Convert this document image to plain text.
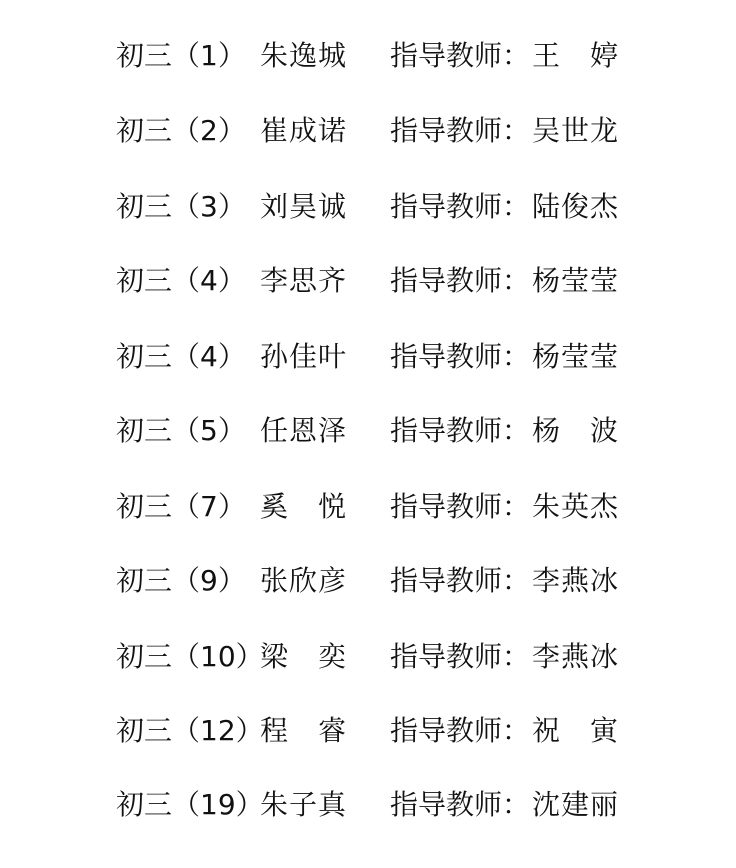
初三（1） 朱逸城 指导教师： 王　婷
初三（2） 崔成诺 指导教师： 吴世龙
初三（3） 刘昊诚 指导教师： 陆俊杰
初三（4） 李思齐 指导教师： 杨莹莹
初三（4） 孙佳叶 指导教师： 杨莹莹
初三（5） 任恩泽 指导教师： 杨　波
初三（7） 奚　悦 指导教师： 朱英杰
初三（9） 张欣彦 指导教师： 李燕冰
初三（10）
梁　奕 指导教师： 李燕冰
初三（12）
程　睿 指导教师： 祝　寅
初三（19）
朱子真 指导教师： 沈建丽
